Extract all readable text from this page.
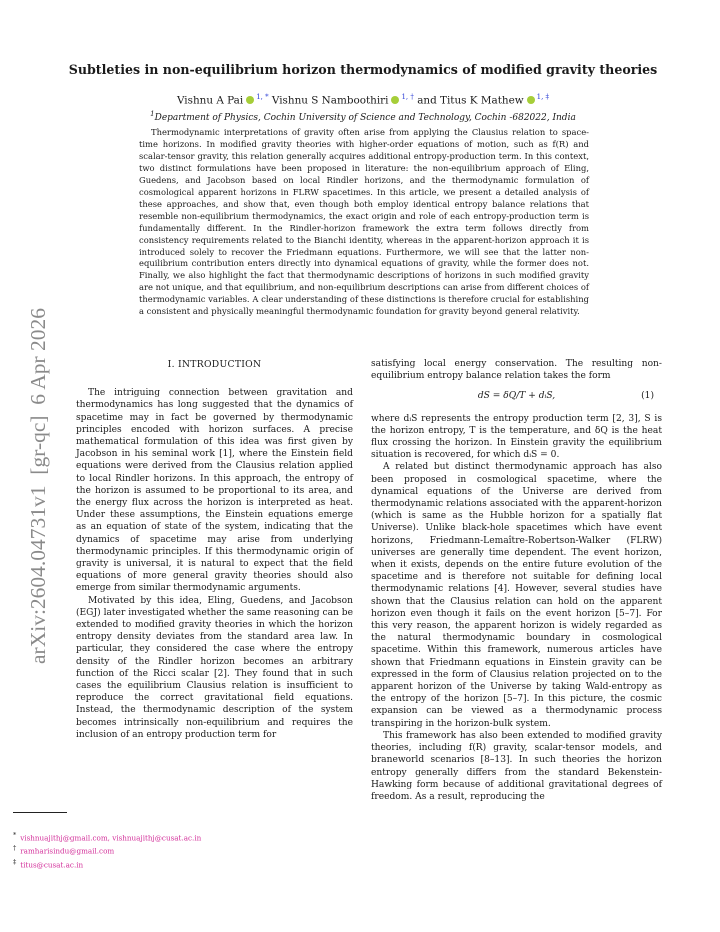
arXiv:2604.04731v1  [gr-qc]  6 Apr 2026
Subtleties in non-equilibrium horizon thermodynamics of modified gravity theories
Vishnu A Pai $^{1, *}$ Vishnu S Namboothiri $^{1, \dagger}$ and Titus K Mathew $^{1, \ddagger}$
$^1$Department of Physics, Cochin University of Science and Technology, Cochin -682022, India
Thermodynamic interpretations of gravity often arise from applying the Clausius relation to space-time horizons. In modified gravity theories with higher-order equations of motion, such as f(R) and scalar-tensor gravity, this relation generally acquires additional entropy-production term. In this context, two distinct formulations have been proposed in literature: the non-equilibrium approach of Eling, Guedens, and Jacobson based on local Rindler horizons, and the thermodynamic formulation of cosmological apparent horizons in FLRW spacetimes. In this article, we present a detailed analysis of these approaches, and show that, even though both employ identical entropy balance relations that resemble non-equilibrium thermodynamics, the exact origin and role of each entropy-production term is fundamentally different. In the Rindler-horizon framework the extra term follows directly from consistency requirements related to the Bianchi identity, whereas in the apparent-horizon approach it is introduced solely to recover the Friedmann equations. Furthermore, we will see that the latter non-equilibrium contribution enters directly into dynamical equations of gravity, while the former does not. Finally, we also highlight the fact that thermodynamic descriptions of horizons in such modified gravity are not unique, and that equilibrium, and non-equilibrium descriptions can arise from different choices of thermodynamic variables. A clear understanding of these distinctions is therefore crucial for establishing a consistent and physically meaningful thermodynamic foundation for gravity beyond general relativity.
I. INTRODUCTION

The intriguing connection between gravitation and thermodynamics has long suggested that the dynamics of spacetime may in fact be governed by thermodynamic principles encoded with horizon surfaces. A precise mathematical formulation of this idea was first given by Jacobson in his seminal work [1], where the Einstein field equations were derived from the Clausius relation applied to local Rindler horizons. In this approach, the entropy of the horizon is assumed to be proportional to its area, and the energy flux across the horizon is interpreted as heat. Under these assumptions, the Einstein equations emerge as an equation of state of the system, indicating that the dynamics of spacetime may arise from underlying thermodynamic principles. If this thermodynamic origin of gravity is universal, it is natural to expect that the field equations of more general gravity theories should also emerge from similar thermodynamic arguments.

Motivated by this idea, Eling, Guedens, and Jacobson (EGJ) later investigated whether the same reasoning can be extended to modified gravity theories in which the horizon entropy density deviates from the standard area law. In particular, they considered the case where the entropy density of the Rindler horizon becomes an arbitrary function of the Ricci scalar [2]. They found that in such cases the equilibrium Clausius relation is insufficient to reproduce the correct gravitational field equations. Instead, the thermodynamic description of the system becomes intrinsically non-equilibrium and requires the inclusion of an entropy production term for

satisfying local energy conservation. The resulting non-equilibrium entropy balance relation takes the form

dS = δQ/T + dᵢS,	(1)

where dᵢS represents the entropy production term [2, 3], S is the horizon entropy, T is the temperature, and δQ is the heat flux crossing the horizon. In Einstein gravity the equilibrium situation is recovered, for which dᵢS = 0.

A related but distinct thermodynamic approach has also been proposed in cosmological spacetime, where the dynamical equations of the Universe are derived from thermodynamic relations associated with the apparent-horizon (which is same as the Hubble horizon for a spatially flat Universe). Unlike black-hole spacetimes which have event horizons, Friedmann-Lemaître-Robertson-Walker (FLRW) universes are generally time dependent. The event horizon, when it exists, depends on the entire future evolution of the spacetime and is therefore not suitable for defining local thermodynamic relations [4]. However, several studies have shown that the Clausius relation can hold on the apparent horizon even though it fails on the event horizon [5–7]. For this very reason, the apparent horizon is widely regarded as the natural thermodynamic boundary in cosmological spacetime. Within this framework, numerous articles have shown that Friedmann equations in Einstein gravity can be expressed in the form of Clausius relation projected on to the apparent horizon of the Universe by taking Wald-entropy as the entropy of the horizon [5–7]. In this picture, the cosmic expansion can be viewed as a thermodynamic process transpiring in the horizon-bulk system.

This framework has also been extended to modified gravity theories, including f(R) gravity, scalar-tensor models, and braneworld scenarios [8–13]. In such theories the horizon entropy generally differs from the standard Bekenstein-Hawking form because of additional gravitational degrees of freedom. As a result, reproducing the

* vishnuajithj@gmail.com, vishnuajithj@cusat.ac.in
† ramharisindu@gmail.com
‡ titus@cusat.ac.in
